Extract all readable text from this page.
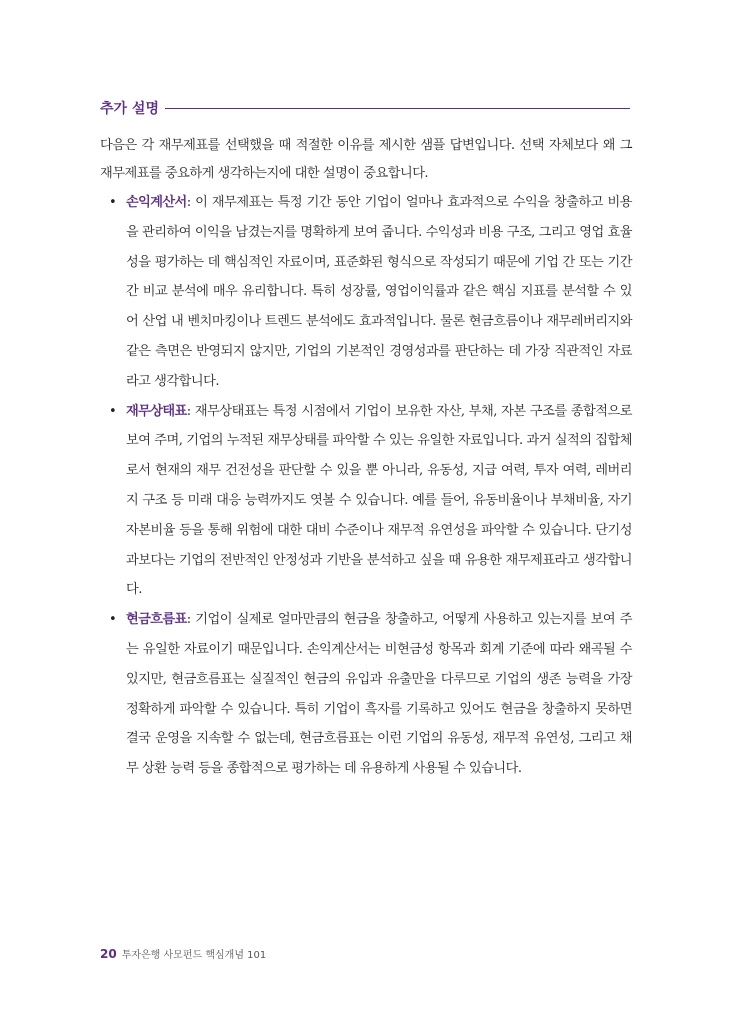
추가 설명

다음은 각 재무제표를 선택했을 때 적절한 이유를 제시한 샘플 답변입니다. 선택 자체보다 왜 그 재무제표를 중요하게 생각하는지에 대한 설명이 중요합니다.

• 손익계산서: 이 재무제표는 특정 기간 동안 기업이 얼마나 효과적으로 수익을 창출하고 비용을 관리하여 이익을 남겼는지를 명확하게 보여 줍니다. 수익성과 비용 구조, 그리고 영업 효율성을 평가하는 데 핵심적인 자료이며, 표준화된 형식으로 작성되기 때문에 기업 간 또는 기간 간 비교 분석에 매우 유리합니다. 특히 성장률, 영업이익률과 같은 핵심 지표를 분석할 수 있어 산업 내 벤치마킹이나 트렌드 분석에도 효과적입니다. 물론 현금흐름이나 재무레버리지와 같은 측면은 반영되지 않지만, 기업의 기본적인 경영성과를 판단하는 데 가장 직관적인 자료라고 생각합니다.
• 재무상태표: 재무상태표는 특정 시점에서 기업이 보유한 자산, 부채, 자본 구조를 종합적으로 보여 주며, 기업의 누적된 재무상태를 파악할 수 있는 유일한 자료입니다. 과거 실적의 집합체로서 현재의 재무 건전성을 판단할 수 있을 뿐 아니라, 유동성, 지급 여력, 투자 여력, 레버리지 구조 등 미래 대응 능력까지도 엿볼 수 있습니다. 예를 들어, 유동비율이나 부채비율, 자기자본비율 등을 통해 위험에 대한 대비 수준이나 재무적 유연성을 파악할 수 있습니다. 단기성과보다는 기업의 전반적인 안정성과 기반을 분석하고 싶을 때 유용한 재무제표라고 생각합니다.
• 현금흐름표: 기업이 실제로 얼마만큼의 현금을 창출하고, 어떻게 사용하고 있는지를 보여 주는 유일한 자료이기 때문입니다. 손익계산서는 비현금성 항목과 회계 기준에 따라 왜곡될 수 있지만, 현금흐름표는 실질적인 현금의 유입과 유출만을 다루므로 기업의 생존 능력을 가장 정확하게 파악할 수 있습니다. 특히 기업이 흑자를 기록하고 있어도 현금을 창출하지 못하면 결국 운영을 지속할 수 없는데, 현금흐름표는 이런 기업의 유동성, 재무적 유연성, 그리고 채무 상환 능력 등을 종합적으로 평가하는 데 유용하게 사용될 수 있습니다.
20 투자은행 사모펀드 핵심개념 101
